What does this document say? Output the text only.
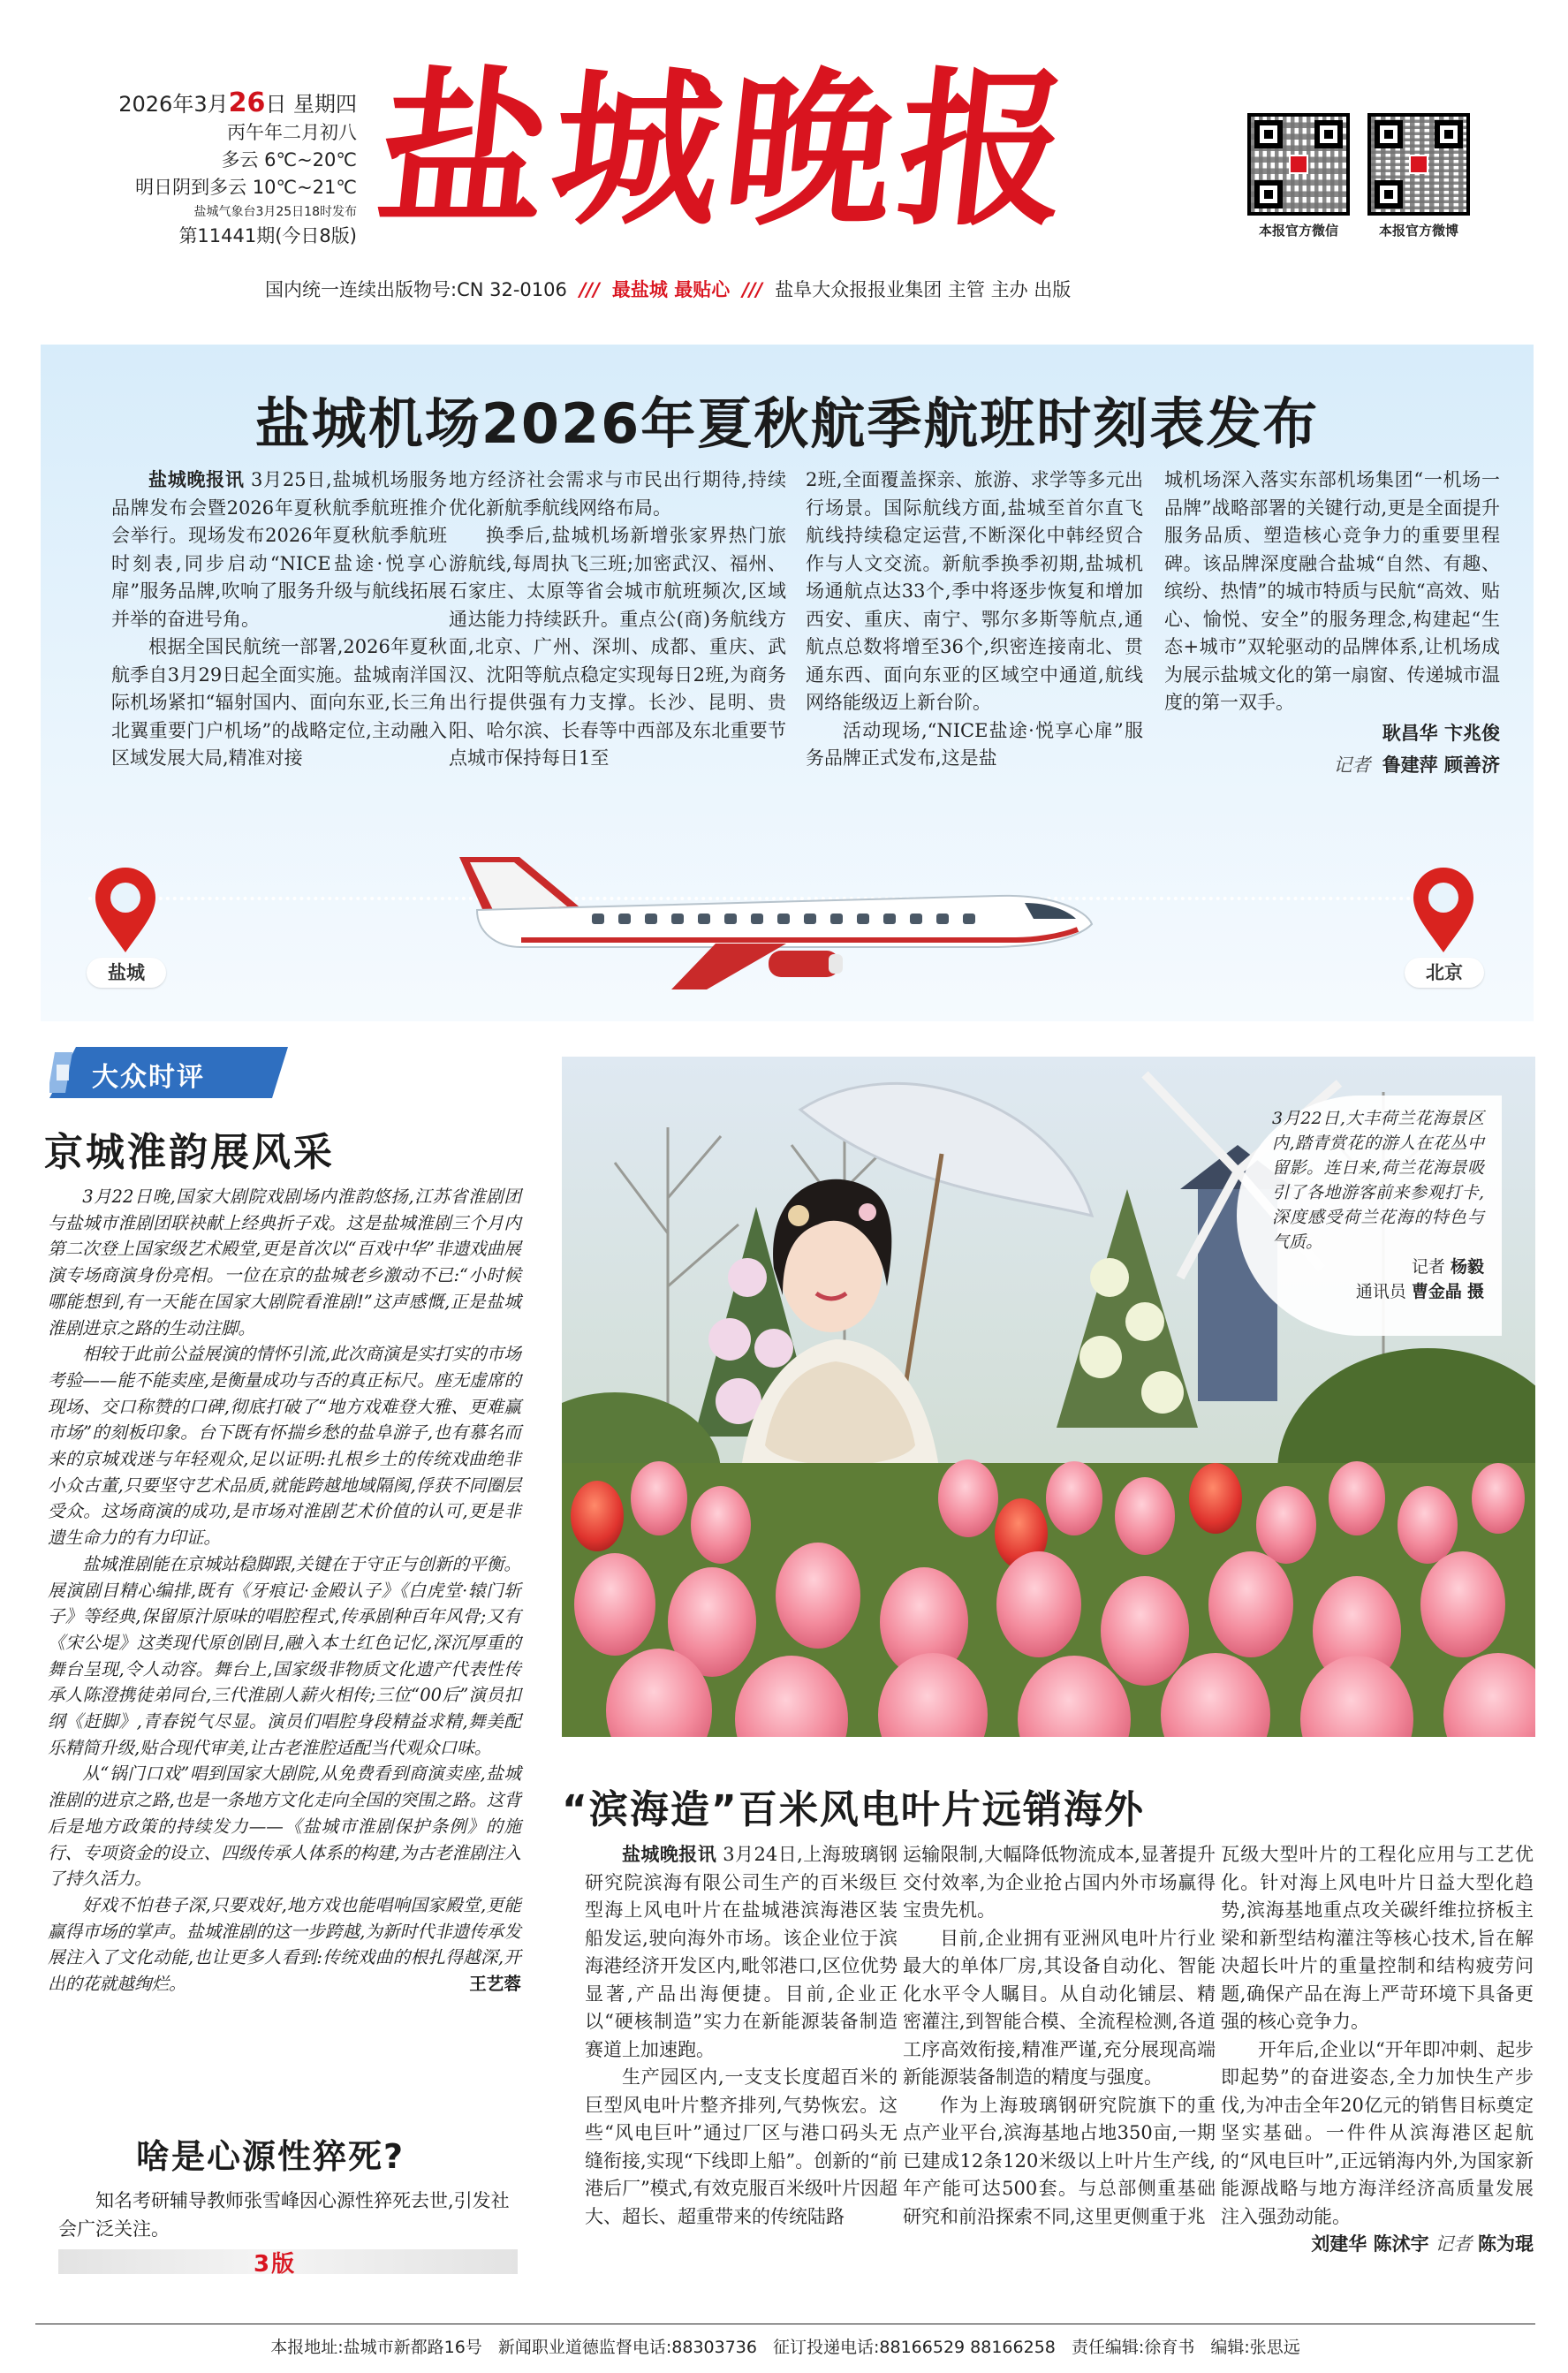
2026年3月26日 星期四
丙午年二月初八
多云 6℃~20℃
明日阴到多云 10℃~21℃
盐城气象台3月25日18时发布
第11441期(今日8版) 盐城晚报	本报官方微信	本报官方微博
国内统一连续出版物号:CN 32-0106 /// 最盐城 最贴心 /// 盐阜大众报报业集团 主管 主办 出版
盐城机场2026年夏秋航季航班时刻表发布

盐城晚报讯 3月25日,盐城机场服务品牌发布会暨2026年夏秋航季航班推介会举行。现场发布2026年夏秋航季航班时刻表,同步启动“NICE盐途·悦享心扉”服务品牌,吹响了服务升级与航线拓展并举的奋进号角。

根据全国民航统一部署,2026年夏秋航季自3月29日起全面实施。盐城南洋国际机场紧扣“辐射国内、面向东亚,长三角北翼重要门户机场”的战略定位,主动融入区域发展大局,精准对接

地方经济社会需求与市民出行期待,持续优化新航季航线网络布局。

换季后,盐城机场新增张家界热门旅游航线,每周执飞三班;加密武汉、福州、石家庄、太原等省会城市航班频次,区域通达能力持续跃升。重点公(商)务航线方面,北京、广州、深圳、成都、重庆、武汉、沈阳等航点稳定实现每日2班,为商务出行提供强有力支撑。长沙、昆明、贵阳、哈尔滨、长春等中西部及东北重要节点城市保持每日1至

2班,全面覆盖探亲、旅游、求学等多元出行场景。国际航线方面,盐城至首尔直飞航线持续稳定运营,不断深化中韩经贸合作与人文交流。新航季换季初期,盐城机场通航点达33个,季中将逐步恢复和增加西安、重庆、南宁、鄂尔多斯等航点,通航点总数将增至36个,织密连接南北、贯通东西、面向东亚的区域空中通道,航线网络能级迈上新台阶。

活动现场,“NICE盐途·悦享心扉”服务品牌正式发布,这是盐

城机场深入落实东部机场集团“一机场一品牌”战略部署的关键行动,更是全面提升服务品质、塑造核心竞争力的重要里程碑。该品牌深度融合盐城“自然、有趣、缤纷、热情”的城市特质与民航“高效、贴心、愉悦、安全”的服务理念,构建起“生态+城市”双轮驱动的品牌体系,让机场成为展示盐城文化的第一扇窗、传递城市温度的第一双手。

耿昌华 卞兆俊
记者 鲁建萍 顾善济
盐城	北京
大众时评
京城淮韵展风采

3月22日晚,国家大剧院戏剧场内淮韵悠扬,江苏省淮剧团与盐城市淮剧团联袂献上经典折子戏。这是盐城淮剧三个月内第二次登上国家级艺术殿堂,更是首次以“百戏中华”非遗戏曲展演专场商演身份亮相。一位在京的盐城老乡激动不已:“小时候哪能想到,有一天能在国家大剧院看淮剧!”这声感慨,正是盐城淮剧进京之路的生动注脚。

相较于此前公益展演的情怀引流,此次商演是实打实的市场考验——能不能卖座,是衡量成功与否的真正标尺。座无虚席的现场、交口称赞的口碑,彻底打破了“地方戏难登大雅、更难赢市场”的刻板印象。台下既有怀揣乡愁的盐阜游子,也有慕名而来的京城戏迷与年轻观众,足以证明:扎根乡土的传统戏曲绝非小众古董,只要坚守艺术品质,就能跨越地域隔阂,俘获不同圈层受众。这场商演的成功,是市场对淮剧艺术价值的认可,更是非遗生命力的有力印证。

盐城淮剧能在京城站稳脚跟,关键在于守正与创新的平衡。展演剧目精心编排,既有《牙痕记·金殿认子》《白虎堂·辕门斩子》等经典,保留原汁原味的唱腔程式,传承剧种百年风骨;又有《宋公堤》这类现代原创剧目,融入本土红色记忆,深沉厚重的舞台呈现,令人动容。舞台上,国家级非物质文化遗产代表性传承人陈澄携徒弟同台,三代淮剧人薪火相传;三位“00后”演员扣纲《赶脚》,青春锐气尽显。演员们唱腔身段精益求精,舞美配乐精简升级,贴合现代审美,让古老淮腔适配当代观众口味。

从“锅门口戏”唱到国家大剧院,从免费看到商演卖座,盐城淮剧的进京之路,也是一条地方文化走向全国的突围之路。这背后是地方政策的持续发力——《盐城市淮剧保护条例》的施行、专项资金的设立、四级传承人体系的构建,为古老淮剧注入了持久活力。

好戏不怕巷子深,只要戏好,地方戏也能唱响国家殿堂,更能赢得市场的掌声。盐城淮剧的这一步跨越,为新时代非遗传承发展注入了文化动能,也让更多人看到:传统戏曲的根扎得越深,开出的花就越绚烂。	王艺蓉
啥是心源性猝死?
知名考研辅导教师张雪峰因心源性猝死去世,引发社会广泛关注。
3版
3月22日,大丰荷兰花海景区内,踏青赏花的游人在花丛中留影。连日来,荷兰花海景吸引了各地游客前来参观打卡,深度感受荷兰花海的特色与气质。
记者 杨毅
通讯员 曹金晶 摄
“滨海造”百米风电叶片远销海外

盐城晚报讯 3月24日,上海玻璃钢研究院滨海有限公司生产的百米级巨型海上风电叶片在盐城港滨海港区装船发运,驶向海外市场。该企业位于滨海港经济开发区内,毗邻港口,区位优势显著,产品出海便捷。目前,企业正以“硬核制造”实力在新能源装备制造赛道上加速跑。

生产园区内,一支支长度超百米的巨型风电叶片整齐排列,气势恢宏。这些“风电巨叶”通过厂区与港口码头无缝衔接,实现“下线即上船”。创新的“前港后厂”模式,有效克服百米级叶片因超大、超长、超重带来的传统陆路

运输限制,大幅降低物流成本,显著提升交付效率,为企业抢占国内外市场赢得宝贵先机。

目前,企业拥有亚洲风电叶片行业最大的单体厂房,其设备自动化、智能化水平令人瞩目。从自动化铺层、精密灌注,到智能合模、全流程检测,各道工序高效衔接,精准严谨,充分展现高端新能源装备制造的精度与强度。

作为上海玻璃钢研究院旗下的重点产业平台,滨海基地占地350亩,一期已建成12条120米级以上叶片生产线,年产能可达500套。与总部侧重基础研究和前沿探索不同,这里更侧重于兆

瓦级大型叶片的工程化应用与工艺优化。针对海上风电叶片日益大型化趋势,滨海基地重点攻关碳纤维拉挤板主梁和新型结构灌注等核心技术,旨在解决超长叶片的重量控制和结构疲劳问题,确保产品在海上严苛环境下具备更强的核心竞争力。

开年后,企业以“开年即冲刺、起步即起势”的奋进姿态,全力加快生产步伐,为冲击全年20亿元的销售目标奠定坚实基础。一件件从滨海港区起航的“风电巨叶”,正远销海内外,为国家新能源战略与地方海洋经济高质量发展注入强劲动能。

刘建华 陈沭宇 记者 陈为琨
本报地址:盐城市新都路16号 新闻职业道德监督电话:88303736 征订投递电话:88166529 88166258 责任编辑:徐育书 编辑:张思远
